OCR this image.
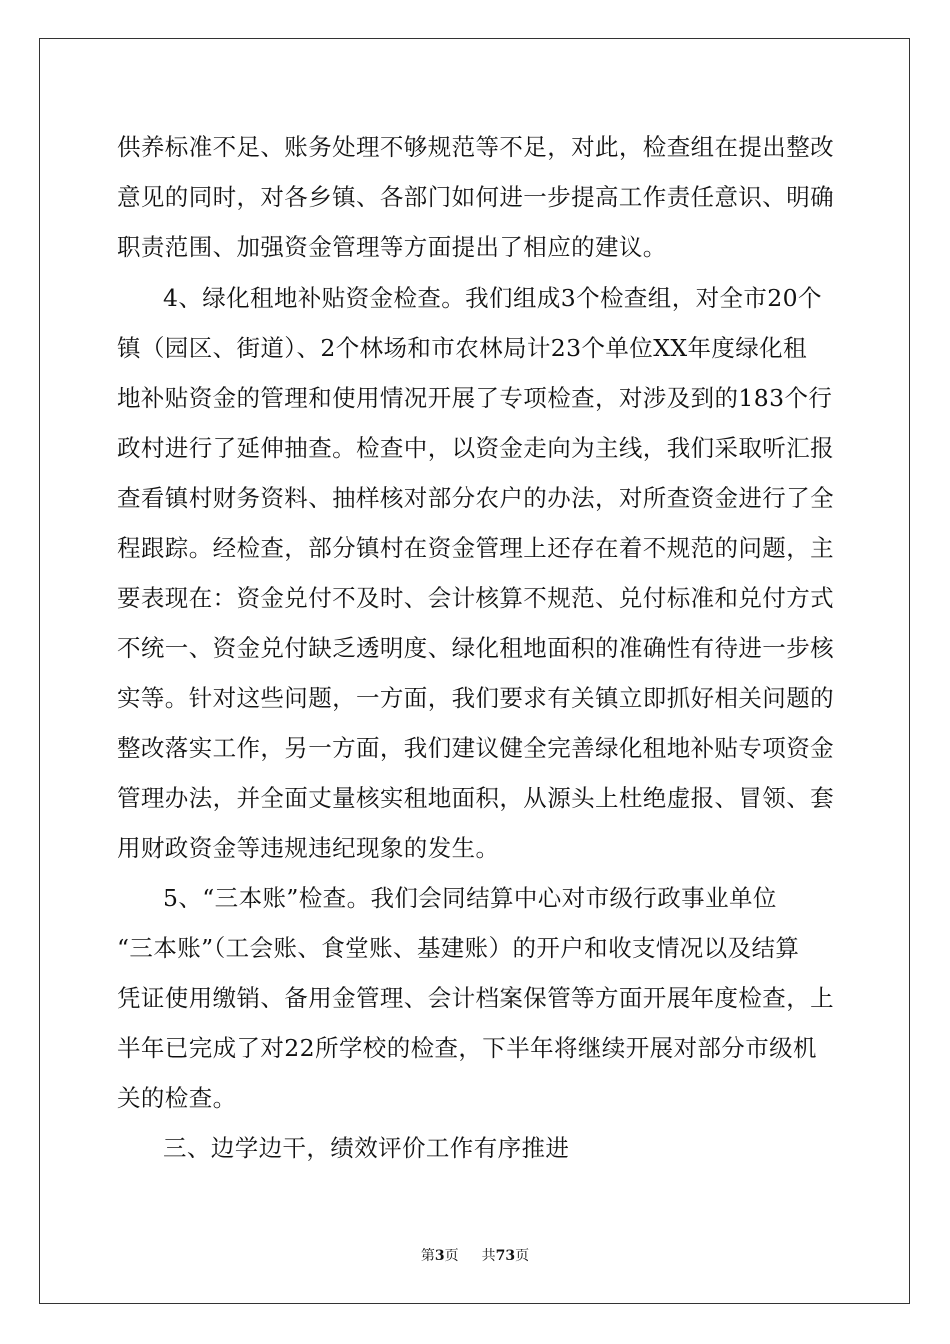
供养标准不足、账务处理不够规范等不足，对此，检查组在提出整改
意见的同时，对各乡镇、各部门如何进一步提高工作责任意识、明确
职责范围、加强资金管理等方面提出了相应的建议。
4、绿化租地补贴资金检查。我们组成3个检查组，对全市20个
镇（园区、街道）、2个林场和市农林局计23个单位XX年度绿化租
地补贴资金的管理和使用情况开展了专项检查，对涉及到的183个行
政村进行了延伸抽查。检查中，以资金走向为主线，我们采取听汇报
查看镇村财务资料、抽样核对部分农户的办法，对所查资金进行了全
程跟踪。经检查，部分镇村在资金管理上还存在着不规范的问题，主
要表现在：资金兑付不及时、会计核算不规范、兑付标准和兑付方式
不统一、资金兑付缺乏透明度、绿化租地面积的准确性有待进一步核
实等。针对这些问题，一方面，我们要求有关镇立即抓好相关问题的
整改落实工作，另一方面，我们建议健全完善绿化租地补贴专项资金
管理办法，并全面丈量核实租地面积，从源头上杜绝虚报、冒领、套
用财政资金等违规违纪现象的发生。
5、“三本账”检查。我们会同结算中心对市级行政事业单位
“三本账”（工会账、食堂账、基建账）的开户和收支情况以及结算
凭证使用缴销、备用金管理、会计档案保管等方面开展年度检查，上
半年已完成了对22所学校的检查，下半年将继续开展对部分市级机
关的检查。
三、边学边干，绩效评价工作有序推进
第3页 共73页
